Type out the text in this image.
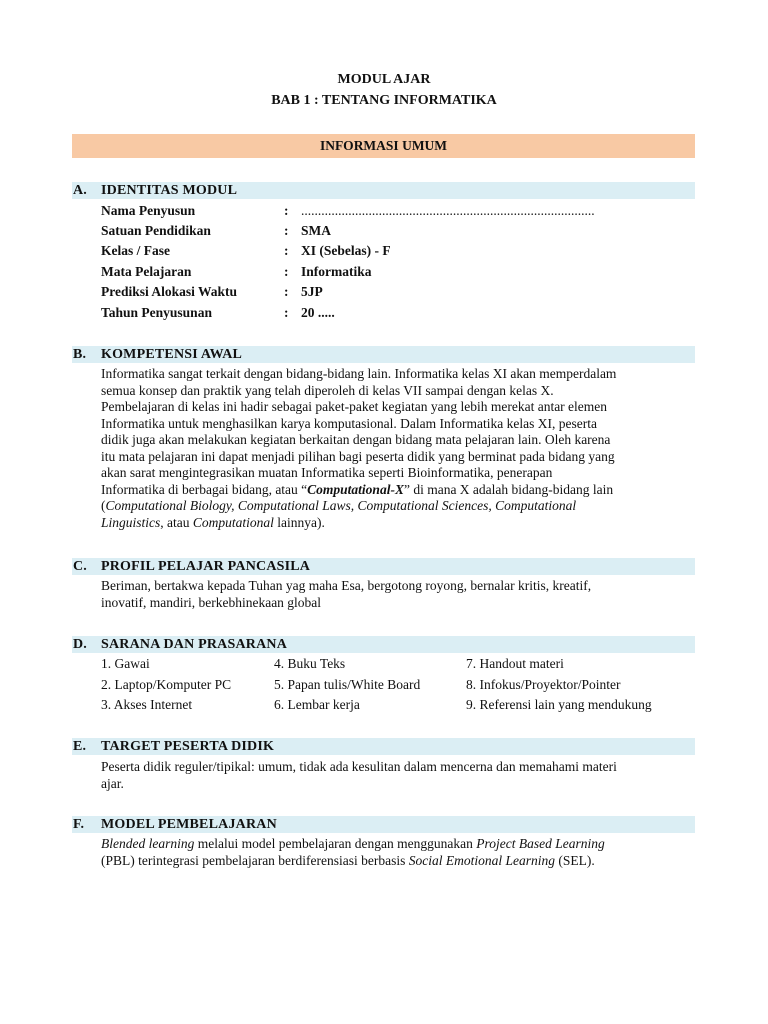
MODUL AJAR
BAB 1 : TENTANG INFORMATIKA
INFORMASI UMUM
A. IDENTITAS MODUL
Nama Penyusun	: .......................................................................................
Satuan Pendidikan	: SMA
Kelas / Fase	: XI (Sebelas) - F
Mata Pelajaran	: Informatika
Prediksi Alokasi Waktu	: 5JP
Tahun Penyusunan	: 20 .....
B. KOMPETENSI AWAL
Informatika sangat terkait dengan bidang-bidang lain. Informatika kelas XI akan memperdalam
semua konsep dan praktik yang telah diperoleh di kelas VII sampai dengan kelas X.
Pembelajaran di kelas ini hadir sebagai paket-paket kegiatan yang lebih merekat antar elemen
Informatika untuk menghasilkan karya komputasional. Dalam Informatika kelas XI, peserta
didik juga akan melakukan kegiatan berkaitan dengan bidang mata pelajaran lain. Oleh karena
itu mata pelajaran ini dapat menjadi pilihan bagi peserta didik yang berminat pada bidang yang
akan sarat mengintegrasikan muatan Informatika seperti Bioinformatika, penerapan
Informatika di berbagai bidang, atau “Computational-X” di mana X adalah bidang-bidang lain
(Computational Biology, Computational Laws, Computational Sciences, Computational
Linguistics, atau Computational lainnya).
C. PROFIL PELAJAR PANCASILA
Beriman, bertakwa kepada Tuhan yag maha Esa, bergotong royong, bernalar kritis, kreatif,
inovatif, mandiri, berkebhinekaan global
D. SARANA DAN PRASARANA
1. Gawai	4. Buku Teks	7. Handout materi
2. Laptop/Komputer PC	5. Papan tulis/White Board	8. Infokus/Proyektor/Pointer
3. Akses Internet	6. Lembar kerja	9. Referensi lain yang mendukung
E. TARGET PESERTA DIDIK
Peserta didik reguler/tipikal: umum, tidak ada kesulitan dalam mencerna dan memahami materi
ajar.
F. MODEL PEMBELAJARAN
Blended learning melalui model pembelajaran dengan menggunakan Project Based Learning
(PBL) terintegrasi pembelajaran berdiferensiasi berbasis Social Emotional Learning (SEL).
